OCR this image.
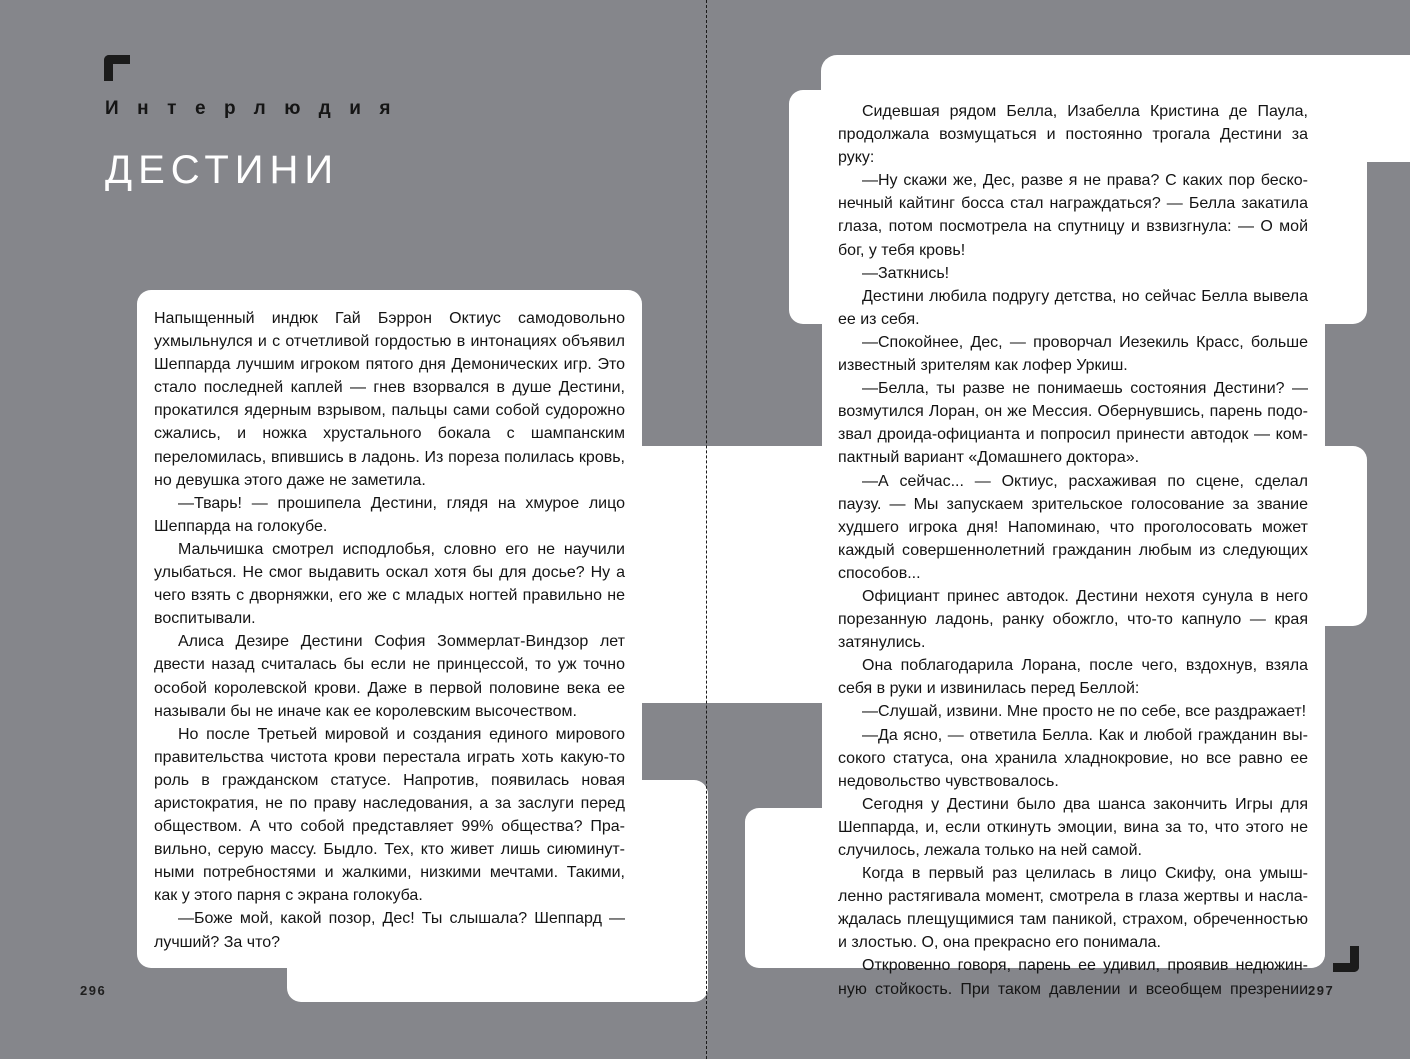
Интерлюдия
ДЕСТИНИ

Напыщенный индюк Гай Бэррон Октиус самодовольно ухмыльнулся и с отчетливой гордостью в интонациях объявил Шеппарда лучшим игроком пятого дня Демонических игр. Это стало последней каплей — гнев взорвался в душе Дестини, прокатился ядерным взрывом, пальцы сами собой судорожно сжались, и ножка хрустального бокала с шампанским переломилась, впившись в ладонь. Из пореза полилась кровь, но девушка этого даже не заметила.

—Тварь! — прошипела Дестини, глядя на хмурое лицо Шеппарда на голокубе.

Мальчишка смотрел исподлобья, словно его не научили улыбаться. Не смог выдавить оскал хотя бы для досье? Ну а чего взять с дворняжки, его же с младых ногтей правильно не воспитывали.

Алиса Дезире Дестини София Зоммерлат-Виндзор лет двести назад считалась бы если не принцессой, то уж точно особой королевской крови. Даже в первой половине века ее называли бы не иначе как ее королевским высочеством.

Но после Третьей мировой и создания единого мирового правительства чистота крови перестала играть хоть какую-то роль в гражданском статусе. Напротив, появилась новая аристократия, не по праву наследования, а за заслуги перед обществом. А что собой представляет 99% общества? Правильно, серую массу. Быдло. Тех, кто живет лишь сиюминутными потребностями и жалкими, низкими мечтами. Такими, как у этого парня с экрана голокуба.

—Боже мой, какой позор, Дес! Ты слышала? Шеппард — лучший? За что?

Сидевшая рядом Белла, Изабелла Кристина де Паула, продолжала возмущаться и постоянно трогала Дестини за руку:

—Ну скажи же, Дес, разве я не права? С каких пор бесконечный кайтинг босса стал награждаться? — Белла закатила глаза, потом посмотрела на спутницу и взвизгнула: — О мой бог, у тебя кровь!

—Заткнись!

Дестини любила подругу детства, но сейчас Белла вывела ее из себя.

—Спокойнее, Дес, — проворчал Иезекиль Красс, больше известный зрителям как лофер Уркиш.

—Белла, ты разве не понимаешь состояния Дестини? — возмутился Лоран, он же Мессия. Обернувшись, парень подозвал дроида-официанта и попросил принести автодок — компактный вариант «Домашнего доктора».

—А сейчас... — Октиус, расхаживая по сцене, сделал паузу. — Мы запускаем зрительское голосование за звание худшего игрока дня! Напоминаю, что проголосовать может каждый совершеннолетний гражданин любым из следующих способов...

Официант принес автодок. Дестини нехотя сунула в него порезанную ладонь, ранку обожгло, что-то капнуло — края затянулись.

Она поблагодарила Лорана, после чего, вздохнув, взяла себя в руки и извинилась перед Беллой:

—Слушай, извини. Мне просто не по себе, все раздражает!

—Да ясно, — ответила Белла. Как и любой гражданин высокого статуса, она хранила хладнокровие, но все равно ее недовольство чувствовалось.

Сегодня у Дестини было два шанса закончить Игры для Шеппарда, и, если откинуть эмоции, вина за то, что этого не случилось, лежала только на ней самой.

Когда в первый раз целилась в лицо Скифу, она умышленно растягивала момент, смотрела в глаза жертвы и наслаждалась плещущимися там паникой, страхом, обреченностью и злостью. О, она прекрасно его понимала.

Откровенно говоря, парень ее удивил, проявив недюжинную стойкость. При таком давлении и всеобщем презрении

296	297
